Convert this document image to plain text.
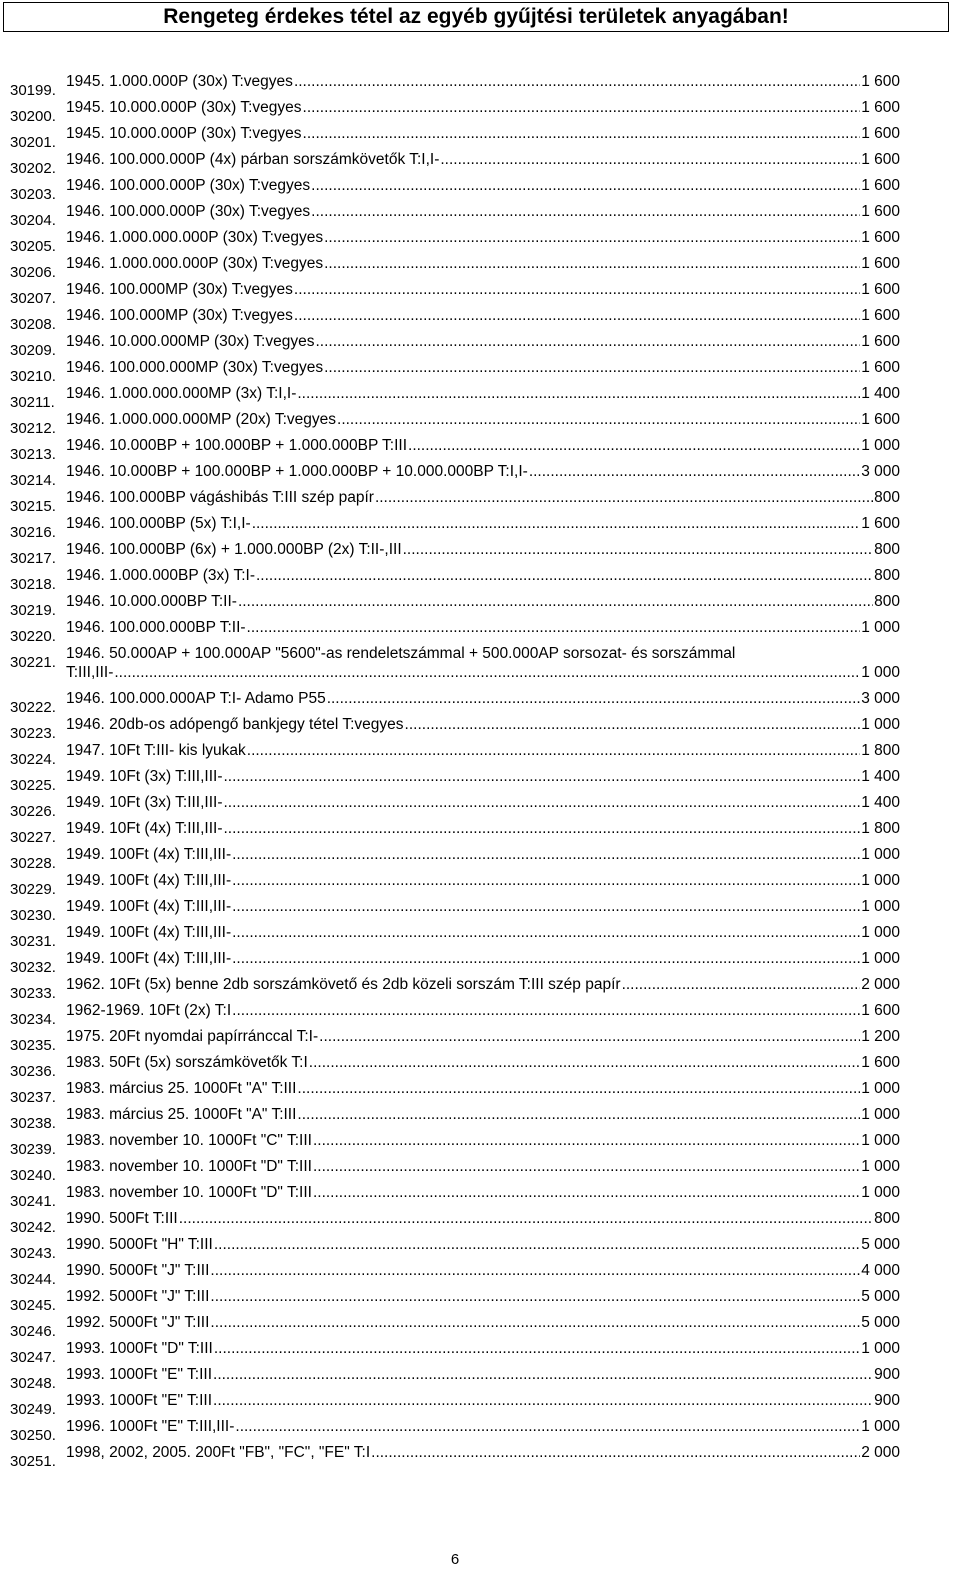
Rengeteg érdekes tétel az egyéb gyűjtési területek anyagában!
30199.
1945. 1.000.000P (30x) T:vegyes .....	1 600
30200.
1945. 10.000.000P (30x) T:vegyes .....	1 600
30201.
1945. 10.000.000P (30x) T:vegyes .....	1 600
30202.
1946. 100.000.000P (4x) párban sorszámkövetők T:I,I- .....	1 600
30203.
1946. 100.000.000P (30x) T:vegyes .....	1 600
30204.
1946. 100.000.000P (30x) T:vegyes .....	1 600
30205.
1946. 1.000.000.000P (30x) T:vegyes .....	1 600
30206.
1946. 1.000.000.000P (30x) T:vegyes .....	1 600
30207.
1946. 100.000MP (30x) T:vegyes .....	1 600
30208.
1946. 100.000MP (30x) T:vegyes .....	1 600
30209.
1946. 10.000.000MP (30x) T:vegyes .....	1 600
30210.
1946. 100.000.000MP (30x) T:vegyes .....	1 600
30211.
1946. 1.000.000.000MP (3x) T:I,I- .....	1 400
30212.
1946. 1.000.000.000MP (20x) T:vegyes .....	1 600
30213.
1946. 10.000BP + 100.000BP + 1.000.000BP T:III .....	1 000
30214.
1946. 10.000BP + 100.000BP + 1.000.000BP + 10.000.000BP T:I,I- .....	3 000
30215.
1946. 100.000BP vágáshibás T:III szép papír .....	800
30216.
1946. 100.000BP (5x) T:I,I- .....	1 600
30217.
1946. 100.000BP (6x) + 1.000.000BP (2x) T:II-,III .....	800
30218.
1946. 1.000.000BP (3x) T:I- .....	800
30219.
1946. 10.000.000BP T:II- .....	800
30220.
1946. 100.000.000BP T:II- .....	1 000
30221.
1946. 50.000AP + 100.000AP "5600"-as rendeletszámmal + 500.000AP sorsozat- és sorszámmal
T:III,III- .....	1 000
30222.
1946. 100.000.000AP T:I- Adamo P55 .....	3 000
30223.
1946. 20db-os adópengő bankjegy tétel T:vegyes .....	1 000
30224.
1947. 10Ft T:III- kis lyukak .....	1 800
30225.
1949. 10Ft (3x) T:III,III- .....	1 400
30226.
1949. 10Ft (3x) T:III,III- .....	1 400
30227.
1949. 10Ft (4x) T:III,III- .....	1 800
30228.
1949. 100Ft (4x) T:III,III- .....	1 000
30229.
1949. 100Ft (4x) T:III,III- .....	1 000
30230.
1949. 100Ft (4x) T:III,III- .....	1 000
30231.
1949. 100Ft (4x) T:III,III- .....	1 000
30232.
1949. 100Ft (4x) T:III,III- .....	1 000
30233.
1962. 10Ft (5x) benne 2db sorszámkövető és 2db közeli sorszám T:III szép papír .....	2 000
30234.
1962-1969. 10Ft (2x) T:I .....	1 600
30235.
1975. 20Ft nyomdai papírránccal T:I- .....	1 200
30236.
1983. 50Ft (5x) sorszámkövetők T:I .....	1 600
30237.
1983. március 25. 1000Ft "A" T:III .....	1 000
30238.
1983. március 25. 1000Ft "A" T:III .....	1 000
30239.
1983. november 10. 1000Ft "C" T:III .....	1 000
30240.
1983. november 10. 1000Ft "D" T:III .....	1 000
30241.
1983. november 10. 1000Ft "D" T:III .....	1 000
30242.
1990. 500Ft T:III .....	800
30243.
1990. 5000Ft "H" T:III .....	5 000
30244.
1990. 5000Ft "J" T:III .....	4 000
30245.
1992. 5000Ft "J" T:III .....	5 000
30246.
1992. 5000Ft "J" T:III .....	5 000
30247.
1993. 1000Ft "D" T:III .....	1 000
30248.
1993. 1000Ft "E" T:III .....	900
30249.
1993. 1000Ft "E" T:III .....	900
30250.
1996. 1000Ft "E" T:III,III- .....	1 000
30251.
1998, 2002, 2005. 200Ft "FB", "FC", "FE" T:I .....	2 000
6
